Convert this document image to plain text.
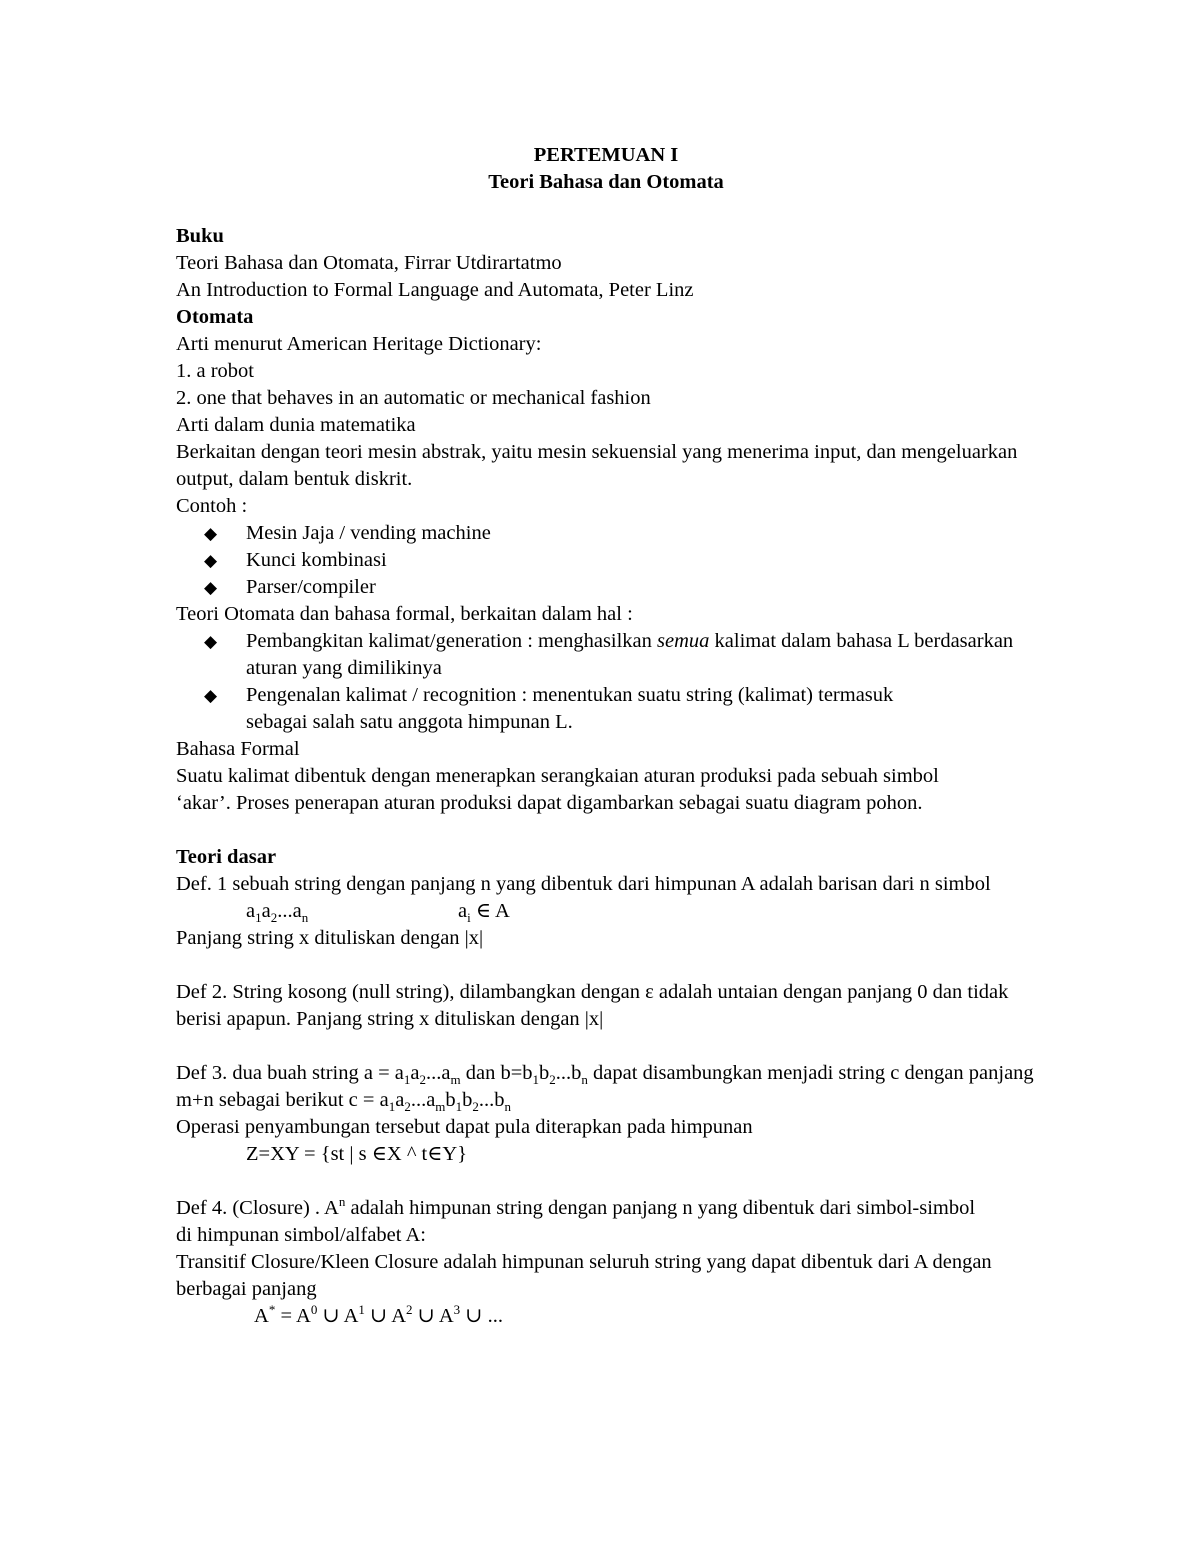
PERTEMUAN I
Teori Bahasa dan Otomata
Buku
Teori Bahasa dan Otomata, Firrar Utdirartatmo
An Introduction to Formal Language and Automata, Peter Linz
Otomata
Arti menurut American Heritage Dictionary:
1. a robot
2. one that behaves in an automatic or mechanical fashion
Arti dalam dunia matematika
Berkaitan dengan teori mesin abstrak, yaitu mesin sekuensial yang menerima input, dan mengeluarkan output, dalam bentuk diskrit.
Contoh :
◆ Mesin Jaja / vending machine
◆ Kunci kombinasi
◆ Parser/compiler
Teori Otomata dan bahasa formal, berkaitan dalam hal :
◆ Pembangkitan kalimat/generation : menghasilkan semua kalimat dalam bahasa L berdasarkan aturan yang dimilikinya
◆ Pengenalan kalimat / recognition : menentukan suatu string (kalimat) termasuk sebagai salah satu anggota himpunan L.
Bahasa Formal
Suatu kalimat dibentuk dengan menerapkan serangkaian aturan produksi pada sebuah simbol ‘akar’. Proses penerapan aturan produksi dapat digambarkan sebagai suatu diagram pohon.
Teori dasar
Def. 1 sebuah string dengan panjang n yang dibentuk dari himpunan A adalah barisan dari n simbol
$a_1a_2...a_n$	$a_i$ ∈ A
Panjang string x dituliskan dengan |x|
Def 2. String kosong (null string), dilambangkan dengan ε adalah untaian dengan panjang 0 dan tidak berisi apapun. Panjang string x dituliskan dengan |x|
Def 3. dua buah string $a = a_1a_2...a_m$ dan $b=b_1b_2...b_n$ dapat disambungkan menjadi string c dengan panjang m+n sebagai berikut $c = a_1a_2...a_mb_1b_2...b_n$
Operasi penyambungan tersebut dapat pula diterapkan pada himpunan
Z=XY = {st | s ∈X ^ t∈Y}
Def 4. (Closure) . $A^n$ adalah himpunan string dengan panjang n yang dibentuk dari simbol-simbol di himpunan simbol/alfabet A:
Transitif Closure/Kleen Closure adalah himpunan seluruh string yang dapat dibentuk dari A dengan berbagai panjang
$A^* = A^0$ ∪ $A^1$ ∪ $A^2$ ∪ $A^3$ ∪ ...
